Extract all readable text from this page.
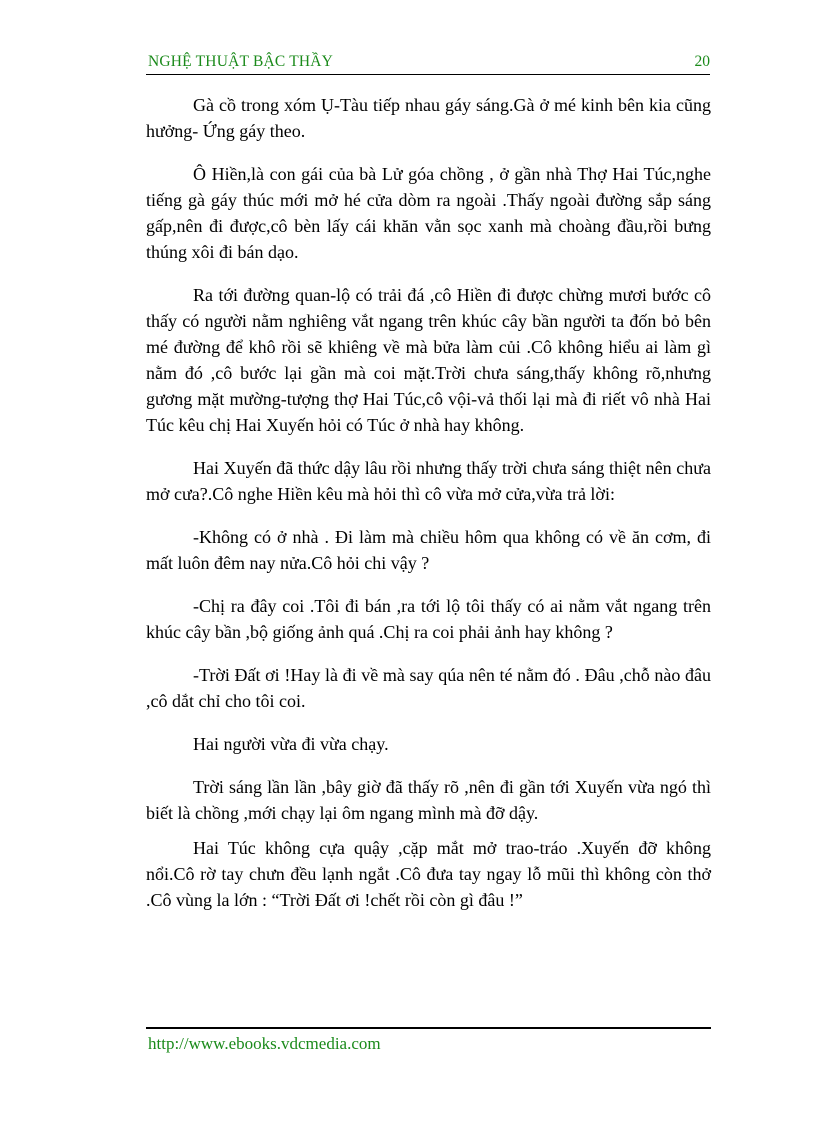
NGHỆ THUẬT BẬC THẦY	20

Gà cồ trong xóm Ụ-Tàu tiếp nhau gáy sáng.Gà ở mé kinh bên kia cũng hưởng- Ứng gáy theo.

Ô Hiền,là con gái của bà Lử góa chồng , ở gần nhà Thợ Hai Túc,nghe tiếng gà gáy thúc mới mở hé cửa dòm ra ngoài .Thấy ngoài đường sắp sáng gấp,nên đi được,cô bèn lấy cái khăn vằn sọc xanh mà choàng đầu,rồi bưng thúng xôi đi bán dạo.

Ra tới đường quan-lộ có trải đá ,cô Hiền đi được chừng mươi bước cô thấy có người nằm nghiêng vắt ngang trên khúc cây bần người ta đốn bỏ bên mé đường để khô rồi sẽ khiêng về mà bửa làm củi .Cô không hiểu ai làm gì nằm đó ,cô bước lại gần mà coi mặt.Trời chưa sáng,thấy không rõ,nhưng gương mặt mường-tượng thợ Hai Túc,cô vội-vả thối lại mà đi riết vô nhà Hai Túc kêu chị Hai Xuyến hỏi có Túc ở nhà hay không.

Hai Xuyến đã thức dậy lâu rồi nhưng thấy trời chưa sáng thiệt nên chưa mở cưa?.Cô nghe Hiền kêu mà hỏi thì cô vừa mở cửa,vừa trả lời:

-Không có ở nhà . Đi làm mà chiều hôm qua không có về ăn cơm, đi mất luôn đêm nay nửa.Cô hỏi chi vậy ?

-Chị ra đây coi .Tôi đi bán ,ra tới lộ tôi thấy có ai nằm vắt ngang trên khúc cây bần ,bộ giống ảnh quá .Chị ra coi phải ảnh hay không ?

-Trời Đất ơi !Hay là đi về mà say qúa nên té nằm đó . Đâu ,chỗ nào đâu ,cô dắt chỉ cho tôi coi.

Hai người vừa đi vừa chạy.

Trời sáng lần lần ,bây giờ đã thấy rõ ,nên đi gần tới Xuyến vừa ngó thì biết là chồng ,mới chạy lại ôm ngang mình mà đỡ dậy.

Hai Túc không cựa quậy ,cặp mắt mở trao-tráo .Xuyến đỡ không nổi.Cô rờ tay chưn đều lạnh ngắt .Cô đưa tay ngay lỗ mũi thì không còn thở .Cô vùng la lớn : “Trời Đất ơi !chết rồi còn gì đâu !”

http://www.ebooks.vdcmedia.com
